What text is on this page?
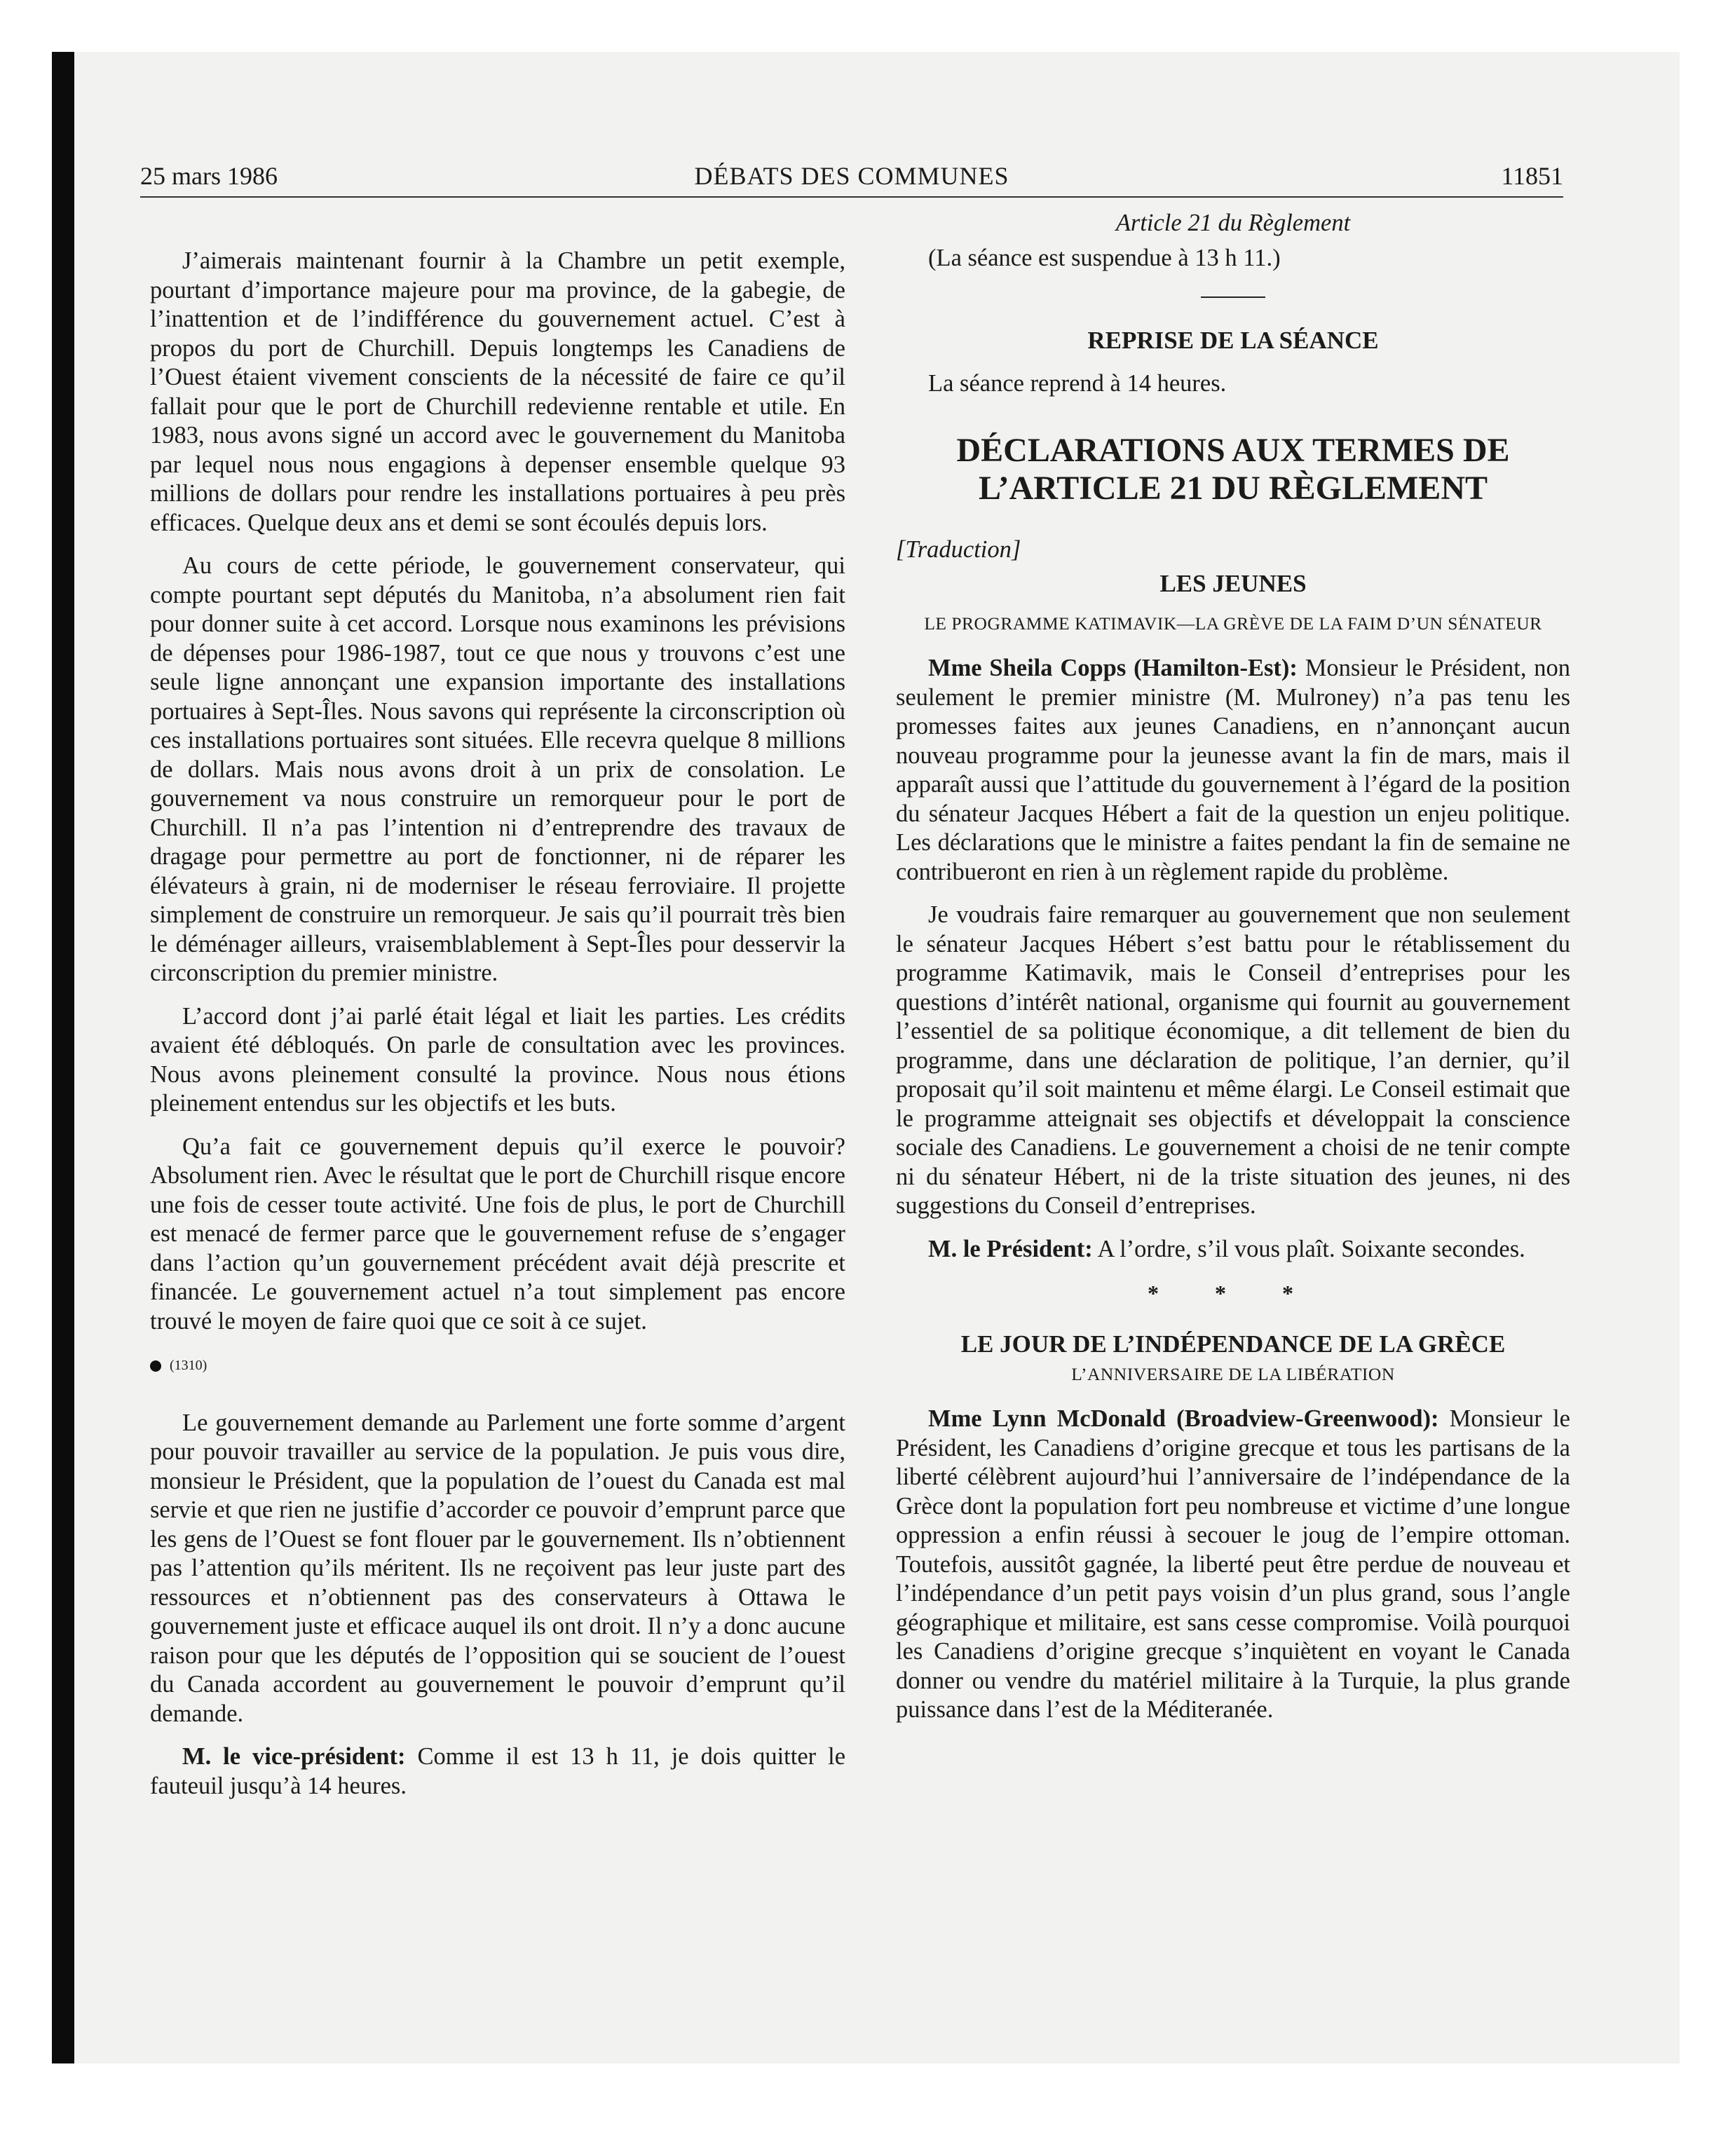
25 mars 1986	DÉBATS DES COMMUNES	11851

J’aimerais maintenant fournir à la Chambre un petit exemple, pourtant d’importance majeure pour ma province, de la gabegie, de l’inattention et de l’indifférence du gouvernement actuel. C’est à propos du port de Churchill. Depuis longtemps les Canadiens de l’Ouest étaient vivement conscients de la nécessité de faire ce qu’il fallait pour que le port de Churchill redevienne rentable et utile. En 1983, nous avons signé un accord avec le gouvernement du Manitoba par lequel nous nous engagions à depenser ensemble quelque 93 millions de dollars pour rendre les installations portuaires à peu près efficaces. Quelque deux ans et demi se sont écoulés depuis lors.

Au cours de cette période, le gouvernement conservateur, qui compte pourtant sept députés du Manitoba, n’a absolument rien fait pour donner suite à cet accord. Lorsque nous examinons les prévisions de dépenses pour 1986-1987, tout ce que nous y trouvons c’est une seule ligne annonçant une expansion importante des installations portuaires à Sept-Îles. Nous savons qui représente la circonscription où ces installations portuaires sont situées. Elle recevra quelque 8 millions de dollars. Mais nous avons droit à un prix de consolation. Le gouvernement va nous construire un remorqueur pour le port de Churchill. Il n’a pas l’intention ni d’entreprendre des travaux de dragage pour permettre au port de fonctionner, ni de réparer les élévateurs à grain, ni de moderniser le réseau ferroviaire. Il projette simplement de construire un remorqueur. Je sais qu’il pourrait très bien le déménager ailleurs, vraisemblablement à Sept-Îles pour desservir la circonscription du premier ministre.

L’accord dont j’ai parlé était légal et liait les parties. Les crédits avaient été débloqués. On parle de consultation avec les provinces. Nous avons pleinement consulté la province. Nous nous étions pleinement entendus sur les objectifs et les buts.

Qu’a fait ce gouvernement depuis qu’il exerce le pouvoir? Absolument rien. Avec le résultat que le port de Churchill risque encore une fois de cesser toute activité. Une fois de plus, le port de Churchill est menacé de fermer parce que le gouvernement refuse de s’engager dans l’action qu’un gouvernement précédent avait déjà prescrite et financée. Le gouvernement actuel n’a tout simplement pas encore trouvé le moyen de faire quoi que ce soit à ce sujet.

(1310)

Le gouvernement demande au Parlement une forte somme d’argent pour pouvoir travailler au service de la population. Je puis vous dire, monsieur le Président, que la population de l’ouest du Canada est mal servie et que rien ne justifie d’accorder ce pouvoir d’emprunt parce que les gens de l’Ouest se font flouer par le gouvernement. Ils n’obtiennent pas l’attention qu’ils méritent. Ils ne reçoivent pas leur juste part des ressources et n’obtiennent pas des conservateurs à Ottawa le gouvernement juste et efficace auquel ils ont droit. Il n’y a donc aucune raison pour que les députés de l’opposition qui se soucient de l’ouest du Canada accordent au gouvernement le pouvoir d’emprunt qu’il demande.

M. le vice-président: Comme il est 13 h 11, je dois quitter le fauteuil jusqu’à 14 heures.

Article 21 du Règlement

(La séance est suspendue à 13 h 11.)

REPRISE DE LA SÉANCE

La séance reprend à 14 heures.

DÉCLARATIONS AUX TERMES DE L’ARTICLE 21 DU RÈGLEMENT

[Traduction]

LES JEUNES
LE PROGRAMME KATIMAVIK—LA GRÈVE DE LA FAIM D’UN SÉNATEUR

Mme Sheila Copps (Hamilton-Est): Monsieur le Président, non seulement le premier ministre (M. Mulroney) n’a pas tenu les promesses faites aux jeunes Canadiens, en n’annonçant aucun nouveau programme pour la jeunesse avant la fin de mars, mais il apparaît aussi que l’attitude du gouvernement à l’égard de la position du sénateur Jacques Hébert a fait de la question un enjeu politique. Les déclarations que le ministre a faites pendant la fin de semaine ne contribueront en rien à un règlement rapide du problème.

Je voudrais faire remarquer au gouvernement que non seulement le sénateur Jacques Hébert s’est battu pour le rétablissement du programme Katimavik, mais le Conseil d’entreprises pour les questions d’intérêt national, organisme qui fournit au gouvernement l’essentiel de sa politique économique, a dit tellement de bien du programme, dans une déclaration de politique, l’an dernier, qu’il proposait qu’il soit maintenu et même élargi. Le Conseil estimait que le programme atteignait ses objectifs et développait la conscience sociale des Canadiens. Le gouvernement a choisi de ne tenir compte ni du sénateur Hébert, ni de la triste situation des jeunes, ni des suggestions du Conseil d’entreprises.

M. le Président: A l’ordre, s’il vous plaît. Soixante secondes.

* * *
LE JOUR DE L’INDÉPENDANCE DE LA GRÈCE
L’ANNIVERSAIRE DE LA LIBÉRATION

Mme Lynn McDonald (Broadview-Greenwood): Monsieur le Président, les Canadiens d’origine grecque et tous les partisans de la liberté célèbrent aujourd’hui l’anniversaire de l’indépendance de la Grèce dont la population fort peu nombreuse et victime d’une longue oppression a enfin réussi à secouer le joug de l’empire ottoman. Toutefois, aussitôt gagnée, la liberté peut être perdue de nouveau et l’indépendance d’un petit pays voisin d’un plus grand, sous l’angle géographique et militaire, est sans cesse compromise. Voilà pourquoi les Canadiens d’origine grecque s’inquiètent en voyant le Canada donner ou vendre du matériel militaire à la Turquie, la plus grande puissance dans l’est de la Méditeranée.
